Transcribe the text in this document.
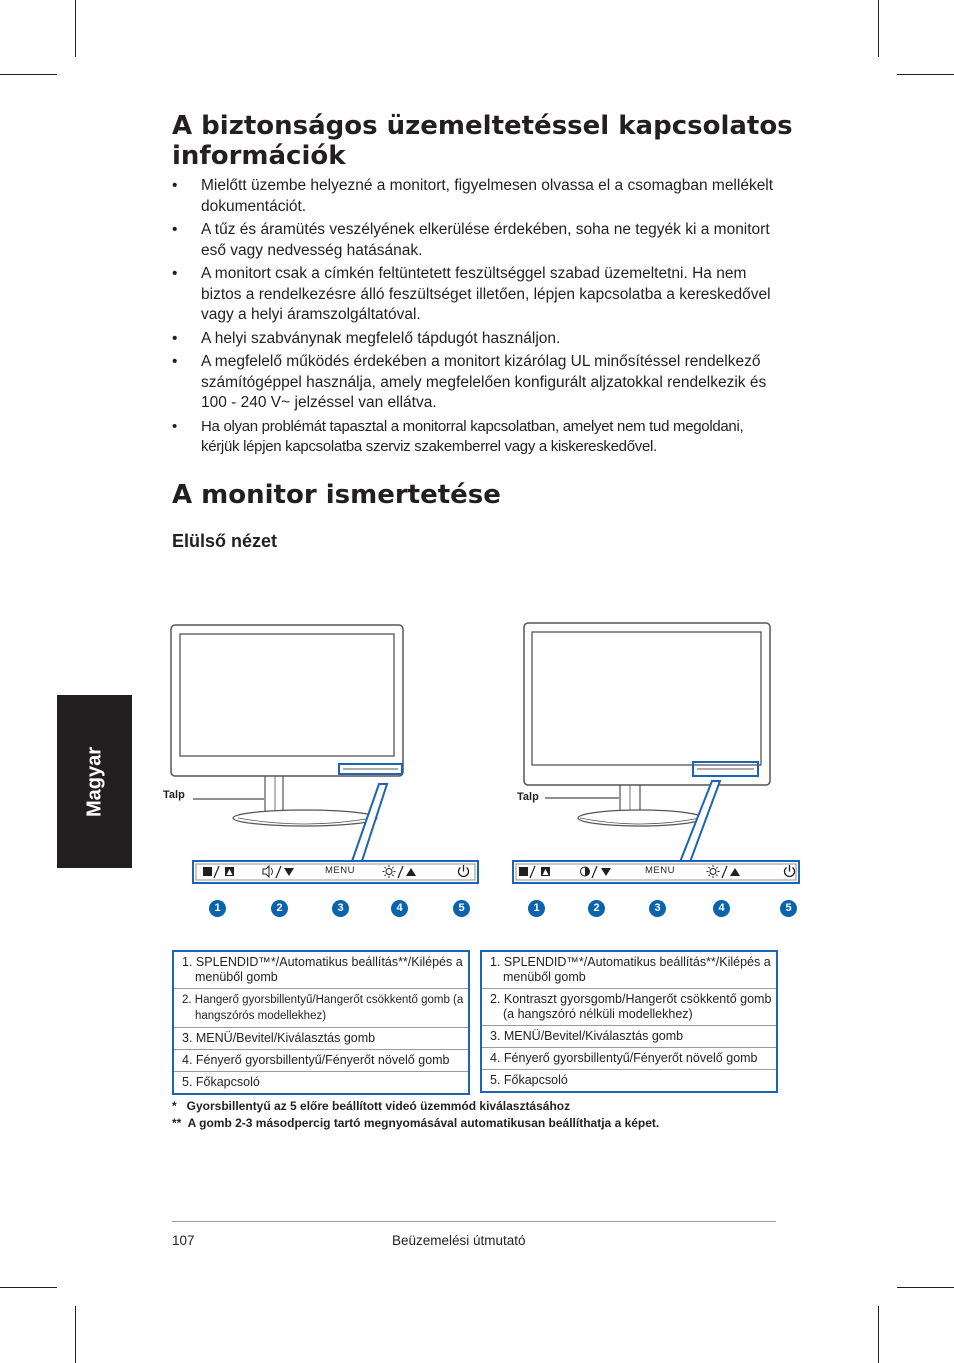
A biztonságos üzemeltetéssel kapcsolatos
információk
• Mielőtt üzembe helyezné a monitort, figyelmesen olvassa el a csomagban mellékelt dokumentációt.
• A tűz és áramütés veszélyének elkerülése érdekében, soha ne tegyék ki a monitort eső vagy nedvesség hatásának.
• A monitort csak a címkén feltüntetett feszültséggel szabad üzemeltetni. Ha nem biztos a rendelkezésre álló feszültséget illetően, lépjen kapcsolatba a kereskedővel vagy a helyi áramszolgáltatóval.
• A helyi szabványnak megfelelő tápdugót használjon.
• A megfelelő működés érdekében a monitort kizárólag UL minősítéssel rendelkező számítógéppel használja, amely megfelelően konfigurált aljzatokkal rendelkezik és 100 - 240 V~ jelzéssel van ellátva.
• Ha olyan problémát tapasztal a monitorral kapcsolatban, amelyet nem tud megoldani, kérjük lépjen kapcsolatba szerviz szakemberrel vagy a kiskereskedővel.
A monitor ismertetése
Elülső nézet
Magyar
MENU	MENU
Talp	Talp
1	2	3	4	5	1	2	3	4	5
1. SPLENDID™*/Automatikus beállítás**/Kilépés a menüből gomb
2. Hangerő gyorsbillentyű/Hangerőt csökkentő gomb (a hangszórós modellekhez)
3. MENÜ/Bevitel/Kiválasztás gomb
4. Fényerő gyorsbillentyű/Fényerőt növelő gomb
5. Főkapcsoló
1. SPLENDID™*/Automatikus beállítás**/Kilépés a menüből gomb
2. Kontraszt gyorsgomb/Hangerőt csökkentő gomb (a hangszóró nélküli modellekhez)
3. MENÜ/Bevitel/Kiválasztás gomb
4. Fényerő gyorsbillentyű/Fényerőt növelő gomb
5. Főkapcsoló
*   Gyorsbillentyű az 5 előre beállított videó üzemmód kiválasztásához
**  A gomb 2-3 másodpercig tartó megnyomásával automatikusan beállíthatja a képet.
107	Beüzemelési útmutató
